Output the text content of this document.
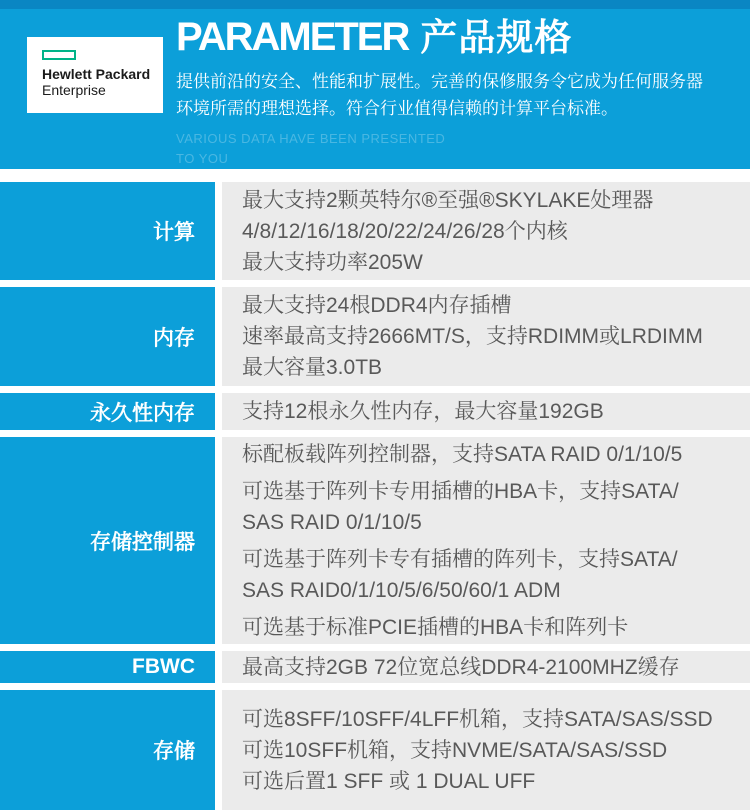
Hewlett Packard
Enterprise
PARAMETER 产品规格
提供前沿的安全、性能和扩展性。完善的保修服务令它成为任何服务器
环境所需的理想选择。符合行业值得信赖的计算平台标准。
VARIOUS DATA HAVE BEEN PRESENTED
TO YOU
计算
最大支持2颗英特尔®至强®SKYLAKE处理器
4/8/12/16/18/20/22/24/26/28个内核
最大支持功率205W
内存
最大支持24根DDR4内存插槽
速率最高支持2666MT/S，支持RDIMM或LRDIMM
最大容量3.0TB
永久性内存	支持12根永久性内存，最大容量192GB
存储控制器
标配板载阵列控制器，支持SATA RAID 0/1/10/5
可选基于阵列卡专用插槽的HBA卡，支持SATA/
SAS RAID 0/1/10/5
可选基于阵列卡专有插槽的阵列卡，支持SATA/
SAS RAID0/1/10/5/6/50/60/1 ADM
可选基于标准PCIE插槽的HBA卡和阵列卡
FBWC	最高支持2GB 72位宽总线DDR4-2100MHZ缓存
存储
可选8SFF/10SFF/4LFF机箱，支持SATA/SAS/SSD
可选10SFF机箱，支持NVME/SATA/SAS/SSD
可选后置1 SFF 或 1 DUAL UFF
